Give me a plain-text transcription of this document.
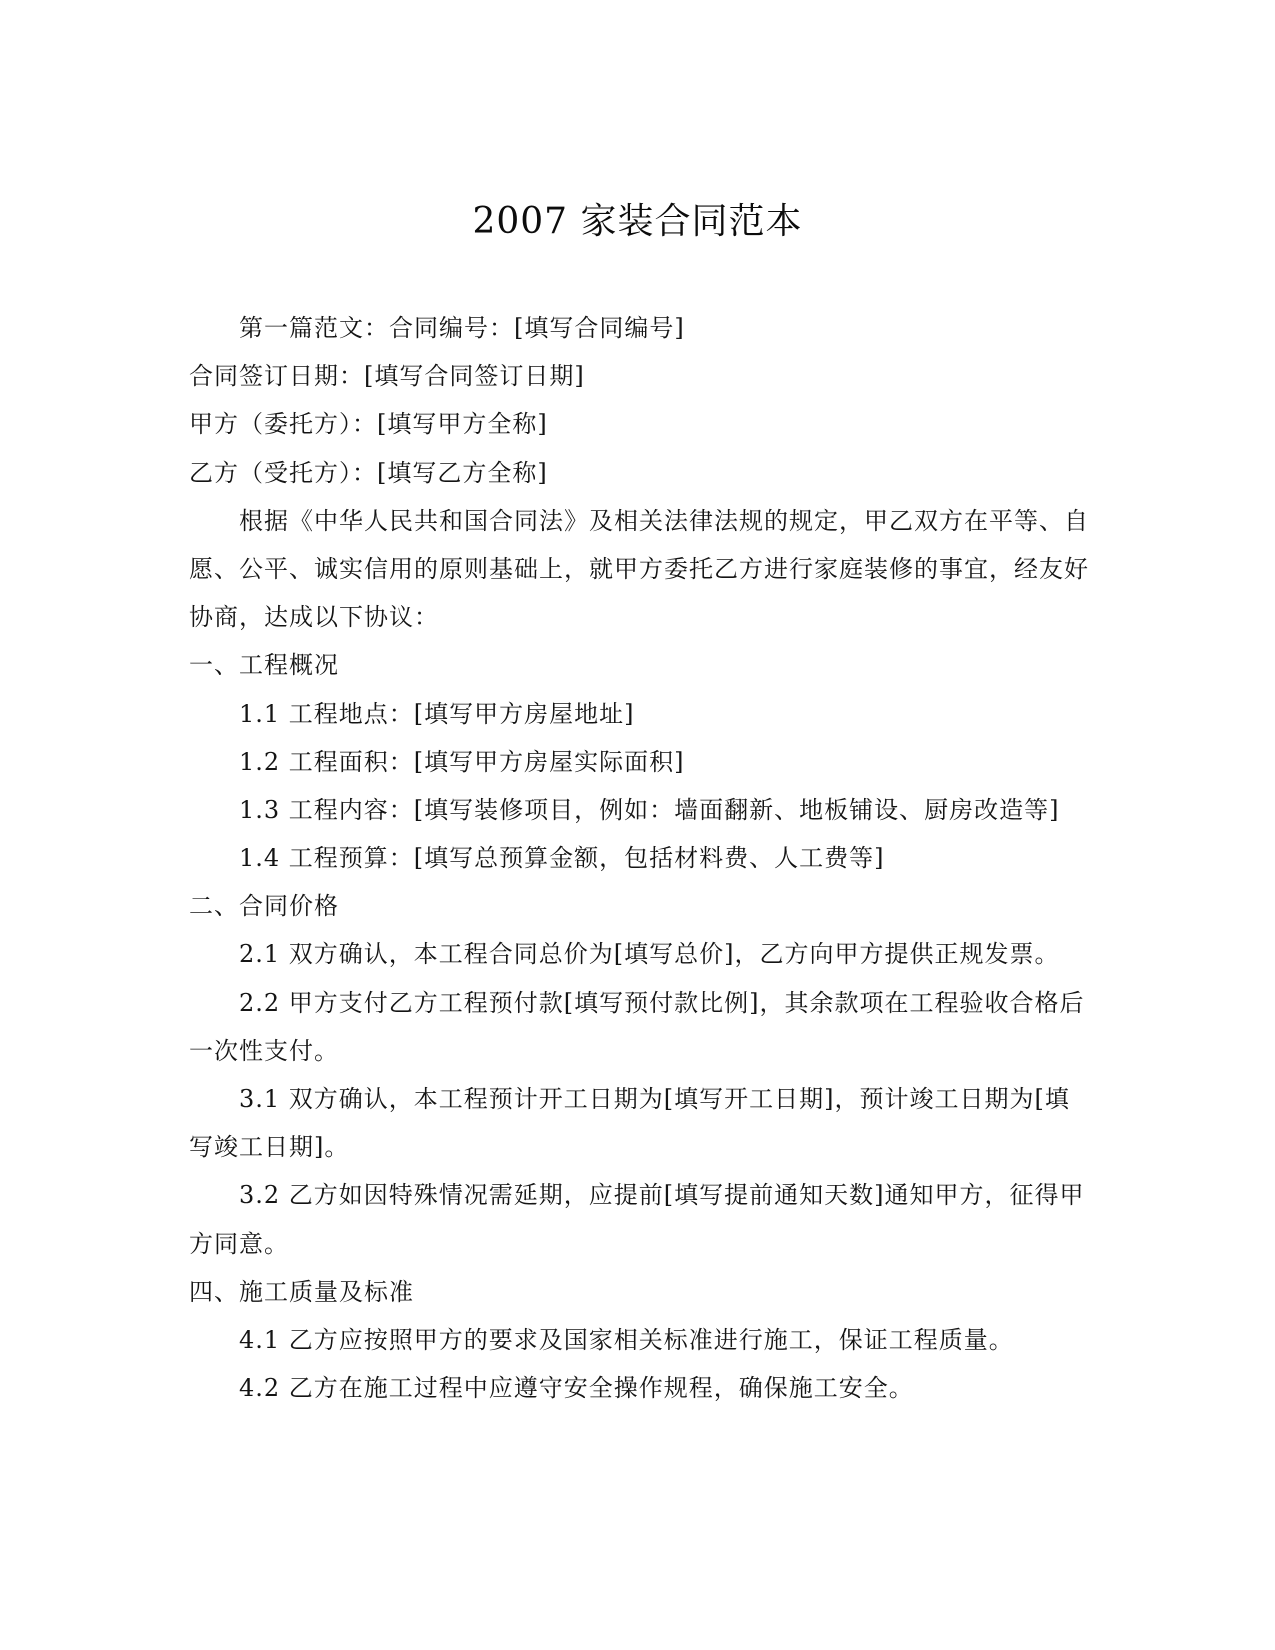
2007 家装合同范本
第一篇范文：合同编号：[填写合同编号]
合同签订日期：[填写合同签订日期]
甲方（委托方）：[填写甲方全称]
乙方（受托方）：[填写乙方全称]
根据《中华人民共和国合同法》及相关法律法规的规定，甲乙双方在平等、自
愿、公平、诚实信用的原则基础上，就甲方委托乙方进行家庭装修的事宜，经友好
协商，达成以下协议：
一、工程概况
1.1 工程地点：[填写甲方房屋地址]
1.2 工程面积：[填写甲方房屋实际面积]
1.3 工程内容：[填写装修项目，例如：墙面翻新、地板铺设、厨房改造等]
1.4 工程预算：[填写总预算金额，包括材料费、人工费等]
二、合同价格
2.1 双方确认，本工程合同总价为[填写总价]，乙方向甲方提供正规发票。
2.2 甲方支付乙方工程预付款[填写预付款比例]，其余款项在工程验收合格后
一次性支付。
3.1 双方确认，本工程预计开工日期为[填写开工日期]，预计竣工日期为[填
写竣工日期]。
3.2 乙方如因特殊情况需延期，应提前[填写提前通知天数]通知甲方，征得甲
方同意。
四、施工质量及标准
4.1 乙方应按照甲方的要求及国家相关标准进行施工，保证工程质量。
4.2 乙方在施工过程中应遵守安全操作规程，确保施工安全。
